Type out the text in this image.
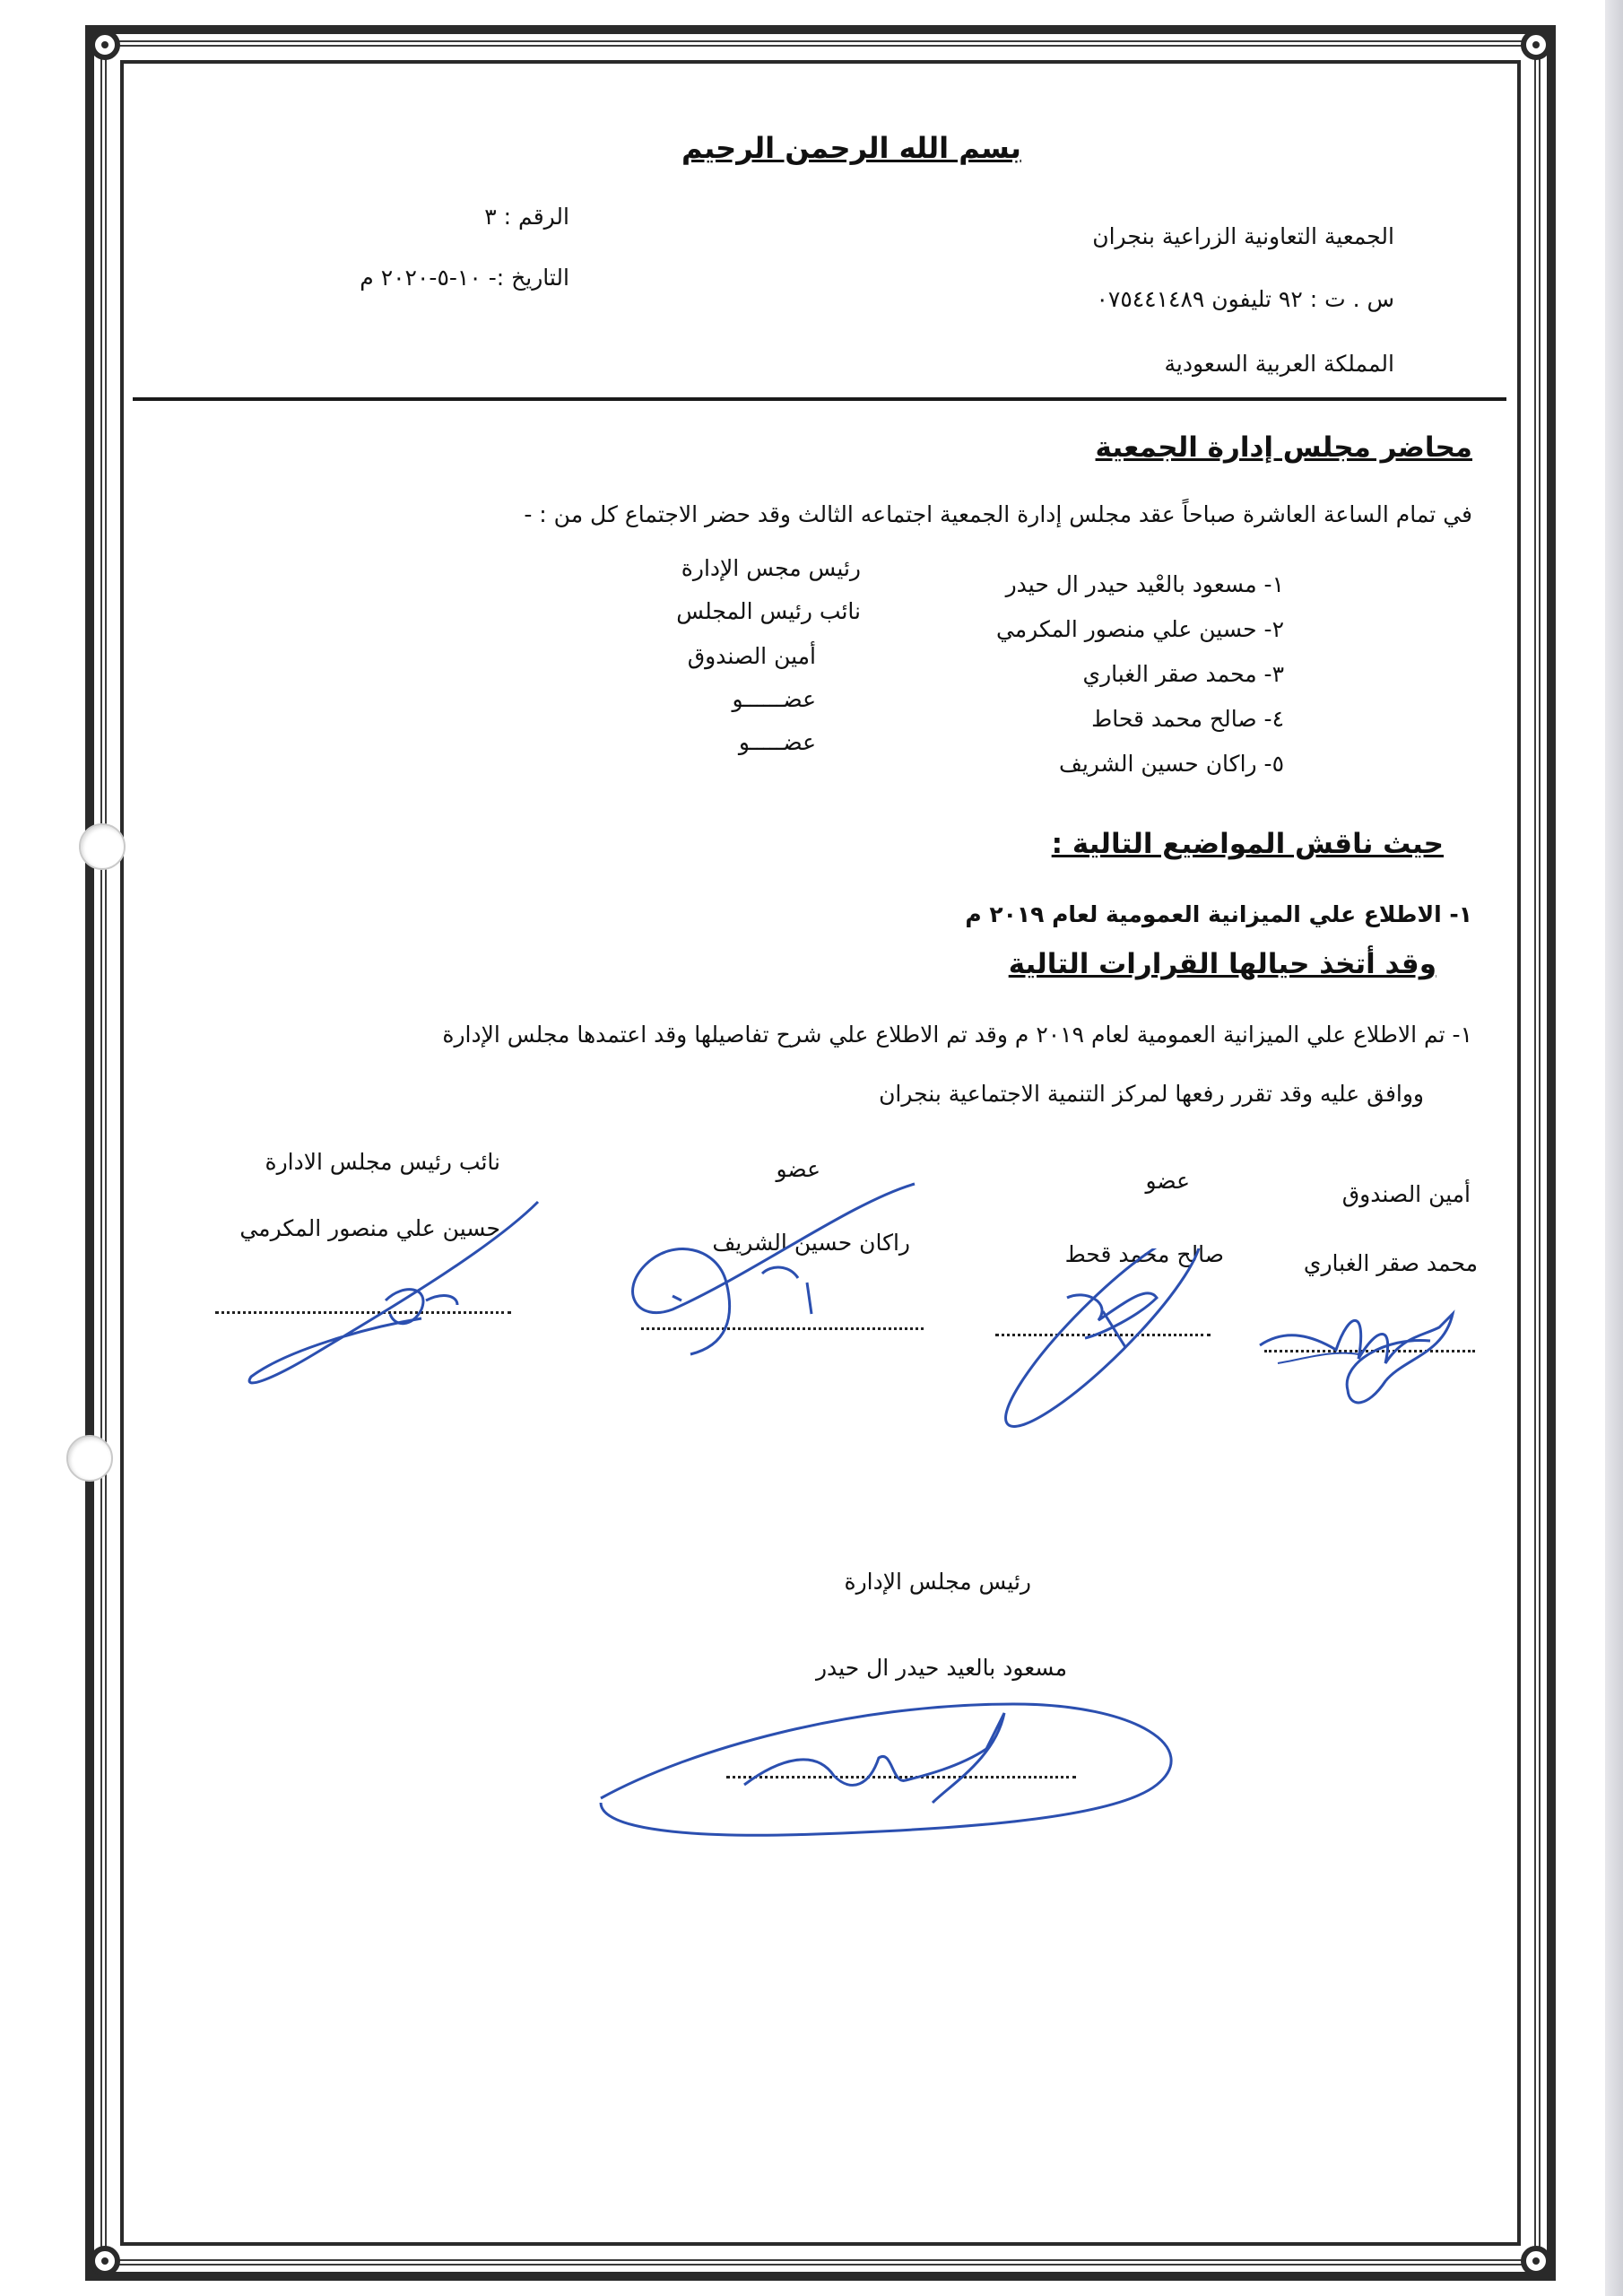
بسم الله الرحمن الرحيم
الجمعية التعاونية الزراعية بنجران
س . ت : ٩٢ تليفون ٠٧٥٤٤١٤٨٩
المملكة العربية السعودية
الرقم : ٣
التاريخ :- ١٠-٥-٢٠٢٠ م
محاضر مجلس إدارة الجمعية
في تمام الساعة العاشرة صباحاً عقد مجلس إدارة الجمعية اجتماعه الثالث وقد حضر الاجتماع كل من : -
١- مسعود بالعْيد حيدر ال حيدر
٢- حسين علي منصور المكرمي
٣- محمد صقر الغباري
٤- صالح محمد قحاط
٥- راكان حسين الشريف
رئيس مجس الإدارة
نائب رئيس المجلس
أمين الصندوق
عضــــــو
عضـــــو
حيث ناقش المواضيع التالية :
١- الاطلاع علي الميزانية العمومية لعام ٢٠١٩ م
وقد أتخذ حيالها القرارات التالية
١- تم الاطلاع علي الميزانية العمومية لعام ٢٠١٩ م وقد تم الاطلاع علي شرح تفاصيلها وقد اعتمدها مجلس الإدارة
ووافق عليه وقد تقرر رفعها لمركز التنمية الاجتماعية بنجران
أمين الصندوق
محمد صقر الغباري
عضو
صالح محمد قحط
عضو
راكان حسين الشريف
نائب رئيس مجلس الادارة
حسين علي منصور المكرمي
رئيس مجلس الإدارة
مسعود بالعيد حيدر ال حيدر
